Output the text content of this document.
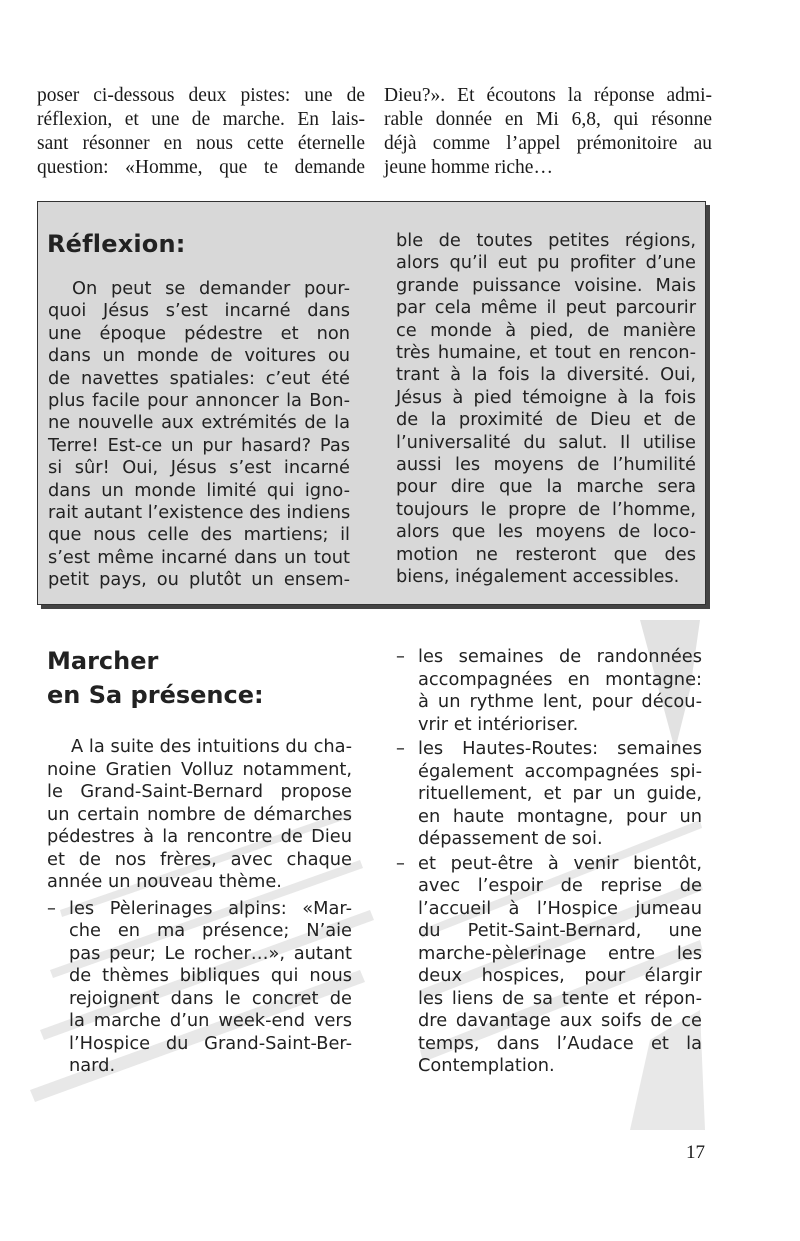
poser ci-dessous deux pistes: une de
réflexion, et une de marche. En lais-
sant résonner en nous cette éternelle
question: «Homme, que te demande
Dieu?». Et écoutons la réponse admi-
rable donnée en Mi 6,8, qui résonne
déjà comme l’appel prémonitoire au
jeune homme riche…
Réflexion:
On peut se demander pour-
quoi Jésus s’est incarné dans
une époque pédestre et non
dans un monde de voitures ou
de navettes spatiales: c’eut été
plus facile pour annoncer la Bon-
ne nouvelle aux extrémités de la
Terre! Est-ce un pur hasard? Pas
si sûr! Oui, Jésus s’est incarné
dans un monde limité qui igno-
rait autant l’existence des indiens
que nous celle des martiens; il
s’est même incarné dans un tout
petit pays, ou plutôt un ensem-
ble de toutes petites régions,
alors qu’il eut pu profiter d’une
grande puissance voisine. Mais
par cela même il peut parcourir
ce monde à pied, de manière
très humaine, et tout en rencon-
trant à la fois la diversité. Oui,
Jésus à pied témoigne à la fois
de la proximité de Dieu et de
l’universalité du salut. Il utilise
aussi les moyens de l’humilité
pour dire que la marche sera
toujours le propre de l’homme,
alors que les moyens de loco-
motion ne resteront que des
biens, inégalement accessibles.
Marcher
en Sa présence:
A la suite des intuitions du cha-
noine Gratien Volluz notamment,
le Grand-Saint-Bernard propose
un certain nombre de démarches
pédestres à la rencontre de Dieu
et de nos frères, avec chaque
année un nouveau thème.
– les Pèlerinages alpins: «Mar-
che en ma présence; N’aie
pas peur; Le rocher…», autant
de thèmes bibliques qui nous
rejoignent dans le concret de
la marche d’un week-end vers
l’Hospice du Grand-Saint-Ber-
nard.
– les semaines de randonnées
accompagnées en montagne:
à un rythme lent, pour décou-
vrir et intérioriser.
– les Hautes-Routes: semaines
également accompagnées spi-
rituellement, et par un guide,
en haute montagne, pour un
dépassement de soi.
– et peut-être à venir bientôt,
avec l’espoir de reprise de
l’accueil à l’Hospice jumeau
du Petit-Saint-Bernard, une
marche-pèlerinage entre les
deux hospices, pour élargir
les liens de sa tente et répon-
dre davantage aux soifs de ce
temps, dans l’Audace et la
Contemplation.
17
